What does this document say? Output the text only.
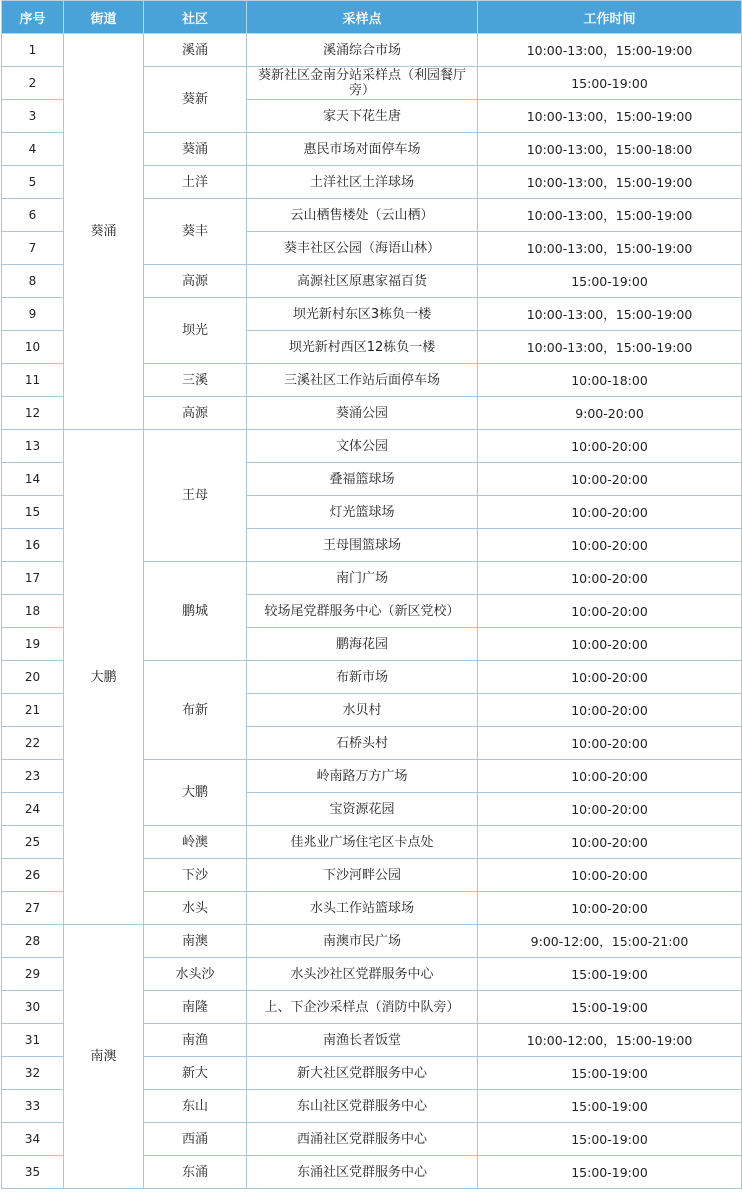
序号	街道	社区	采样点	工作时间
1	葵涌	溪涌	溪涌综合市场	10:00-13:00，15:00-19:00
2		葵新	葵新社区金南分站采样点（利园餐厅旁）	15:00-19:00
3			家天下花生唐	10:00-13:00，15:00-19:00
4		葵涌	惠民市场对面停车场	10:00-13:00，15:00-18:00
5		土洋	土洋社区土洋球场	10:00-13:00，15:00-19:00
6		葵丰	云山栖售楼处（云山栖）	10:00-13:00，15:00-19:00
7			葵丰社区公园（海语山林）	10:00-13:00，15:00-19:00
8		高源	高源社区原惠家福百货	15:00-19:00
9		坝光	坝光新村东区3栋负一楼	10:00-13:00，15:00-19:00
10			坝光新村西区12栋负一楼	10:00-13:00，15:00-19:00
11		三溪	三溪社区工作站后面停车场	10:00-18:00
12		高源	葵涌公园	9:00-20:00
13	大鹏	王母	文体公园	10:00-20:00
14			叠福篮球场	10:00-20:00
15			灯光篮球场	10:00-20:00
16			王母围篮球场	10:00-20:00
17		鹏城	南门广场	10:00-20:00
18			较场尾党群服务中心（新区党校）	10:00-20:00
19			鹏海花园	10:00-20:00
20		布新	布新市场	10:00-20:00
21			水贝村	10:00-20:00
22			石桥头村	10:00-20:00
23		大鹏	岭南路万方广场	10:00-20:00
24			宝资源花园	10:00-20:00
25		岭澳	佳兆业广场住宅区卡点处	10:00-20:00
26		下沙	下沙河畔公园	10:00-20:00
27		水头	水头工作站篮球场	10:00-20:00
28	南澳	南澳	南澳市民广场	9:00-12:00，15:00-21:00
29		水头沙	水头沙社区党群服务中心	15:00-19:00
30		南隆	上、下企沙采样点（消防中队旁）	15:00-19:00
31		南渔	南渔长者饭堂	10:00-12:00，15:00-19:00
32		新大	新大社区党群服务中心	15:00-19:00
33		东山	东山社区党群服务中心	15:00-19:00
34		西涌	西涌社区党群服务中心	15:00-19:00
35		东涌	东涌社区党群服务中心	15:00-19:00
